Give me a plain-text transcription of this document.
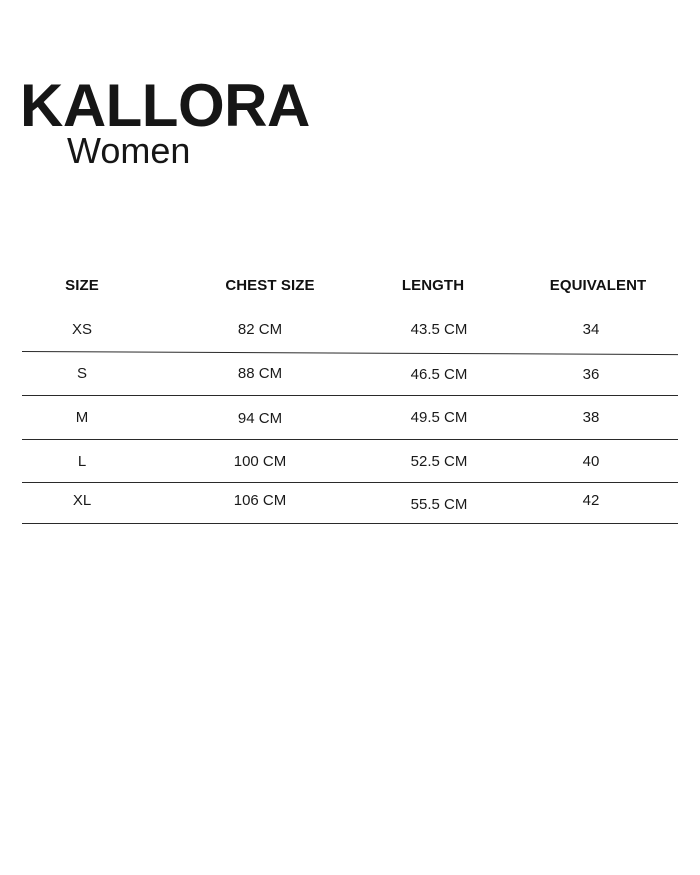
KALLORA
Women
SIZE	CHEST SIZE	LENGTH	EQUIVALENT
XS	82 CM	43.5 CM	34
S	88 CM	46.5 CM	36
M	94 CM	49.5 CM	38
L	100 CM	52.5 CM	40
XL	106 CM	55.5 CM	42
